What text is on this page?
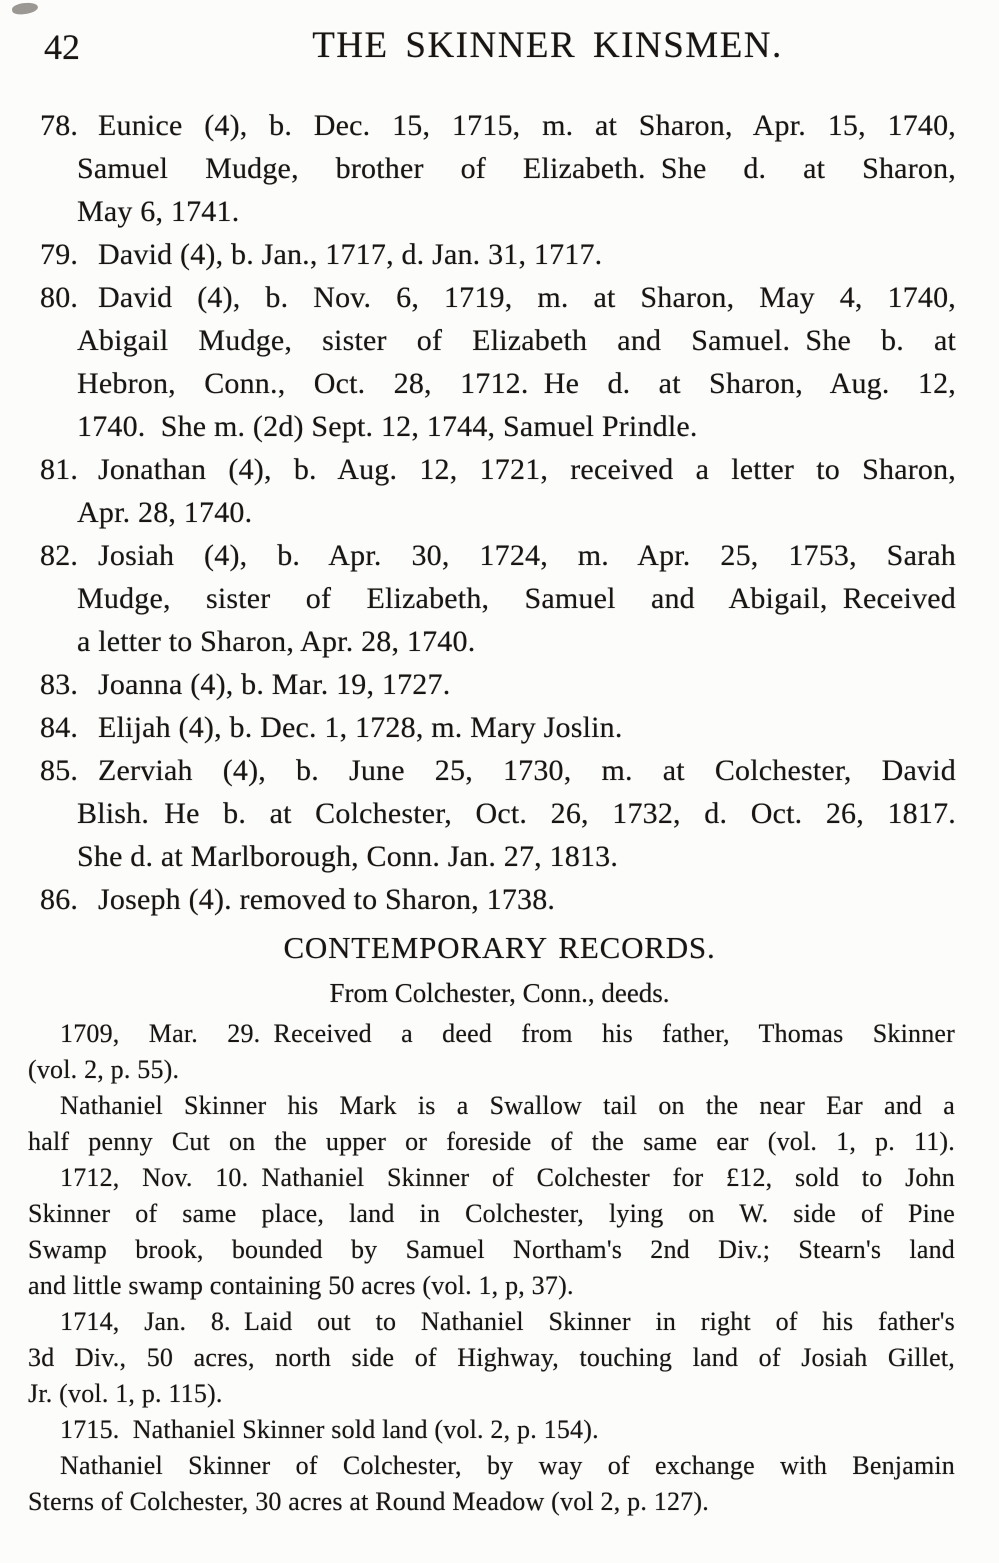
42	THE SKINNER KINSMEN.
78. Eunice (4), b. Dec. 15, 1715, m. at Sharon, Apr. 15, 1740,
Samuel Mudge, brother of Elizabeth. She d. at Sharon,
May 6, 1741.
79. David (4), b. Jan., 1717, d. Jan. 31, 1717.
80. David (4), b. Nov. 6, 1719, m. at Sharon, May 4, 1740,
Abigail Mudge, sister of Elizabeth and Samuel. She b. at
Hebron, Conn., Oct. 28, 1712. He d. at Sharon, Aug. 12,
1740. She m. (2d) Sept. 12, 1744, Samuel Prindle.
81. Jonathan (4), b. Aug. 12, 1721, received a letter to Sharon,
Apr. 28, 1740.
82. Josiah (4), b. Apr. 30, 1724, m. Apr. 25, 1753, Sarah
Mudge, sister of Elizabeth, Samuel and Abigail, Received
a letter to Sharon, Apr. 28, 1740.
83. Joanna (4), b. Mar. 19, 1727.
84. Elijah (4), b. Dec. 1, 1728, m. Mary Joslin.
85. Zerviah (4), b. June 25, 1730, m. at Colchester, David
Blish. He b. at Colchester, Oct. 26, 1732, d. Oct. 26, 1817.
She d. at Marlborough, Conn. Jan. 27, 1813.
86. Joseph (4). removed to Sharon, 1738.
CONTEMPORARY RECORDS.
From Colchester, Conn., deeds.
1709, Mar. 29. Received a deed from his father, Thomas Skinner
(vol. 2, p. 55).
Nathaniel Skinner his Mark is a Swallow tail on the near Ear and a
half penny Cut on the upper or foreside of the same ear (vol. 1, p. 11).
1712, Nov. 10. Nathaniel Skinner of Colchester for £12, sold to John
Skinner of same place, land in Colchester, lying on W. side of Pine
Swamp brook, bounded by Samuel Northam's 2nd Div.; Stearn's land
and little swamp containing 50 acres (vol. 1, p, 37).
1714, Jan. 8. Laid out to Nathaniel Skinner in right of his father's
3d Div., 50 acres, north side of Highway, touching land of Josiah Gillet,
Jr. (vol. 1, p. 115).
1715. Nathaniel Skinner sold land (vol. 2, p. 154).
Nathaniel Skinner of Colchester, by way of exchange with Benjamin
Sterns of Colchester, 30 acres at Round Meadow (vol 2, p. 127).
